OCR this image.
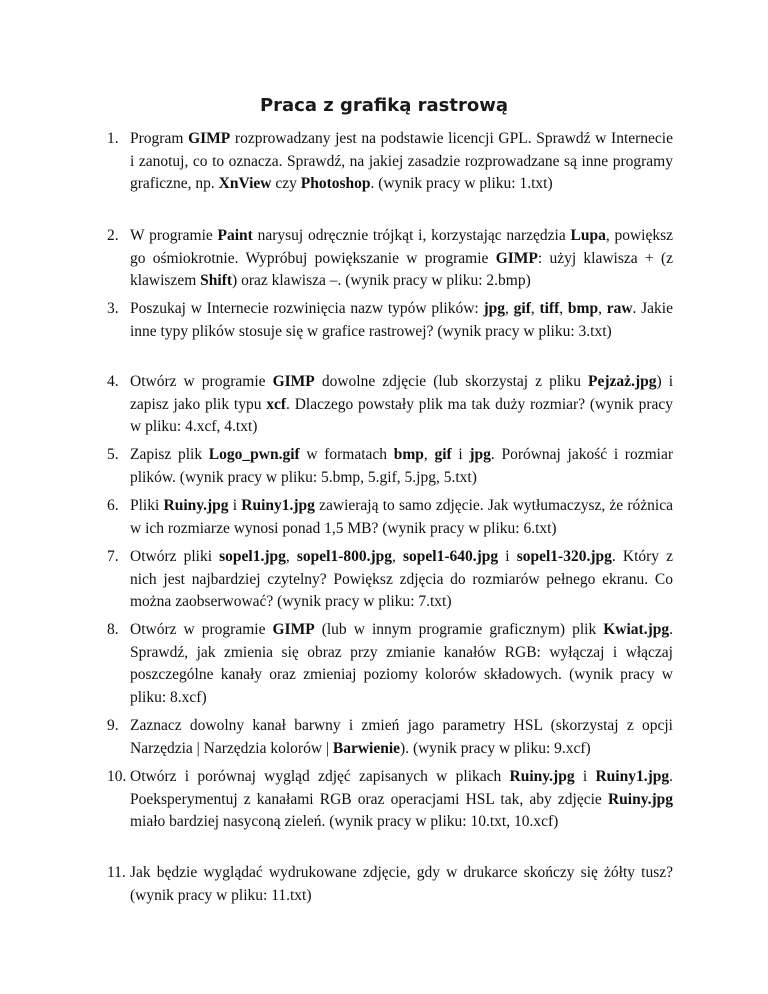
Praca z grafiką rastrową
1. Program GIMP rozprowadzany jest na podstawie licencji GPL. Sprawdź w Internecie i zanotuj, co to oznacza. Sprawdź, na jakiej zasadzie rozprowadzane są inne programy graficzne, np. XnView czy Photoshop. (wynik pracy w pliku: 1.txt)
2. W programie Paint narysuj odręcznie trójkąt i, korzystając narzędzia Lupa, powiększ go ośmiokrotnie. Wypróbuj powiększanie w programie GIMP: użyj klawisza + (z klawiszem Shift) oraz klawisza –. (wynik pracy w pliku: 2.bmp)
3. Poszukaj w Internecie rozwinięcia nazw typów plików: jpg, gif, tiff, bmp, raw. Jakie inne typy plików stosuje się w grafice rastrowej? (wynik pracy w pliku: 3.txt)
4. Otwórz w programie GIMP dowolne zdjęcie (lub skorzystaj z pliku Pejzaż.jpg) i zapisz jako plik typu xcf. Dlaczego powstały plik ma tak duży rozmiar? (wynik pracy w pliku: 4.xcf, 4.txt)
5. Zapisz plik Logo_pwn.gif w formatach bmp, gif i jpg. Porównaj jakość i rozmiar plików. (wynik pracy w pliku: 5.bmp, 5.gif, 5.jpg, 5.txt)
6. Pliki Ruiny.jpg i Ruiny1.jpg zawierają to samo zdjęcie. Jak wytłumaczysz, że różnica w ich rozmiarze wynosi ponad 1,5 MB? (wynik pracy w pliku: 6.txt)
7. Otwórz pliki sopel1.jpg, sopel1-800.jpg, sopel1-640.jpg i sopel1-320.jpg. Który z nich jest najbardziej czytelny? Powiększ zdjęcia do rozmiarów pełnego ekranu. Co można zaobserwować? (wynik pracy w pliku: 7.txt)
8. Otwórz w programie GIMP (lub w innym programie graficznym) plik Kwiat.jpg. Sprawdź, jak zmienia się obraz przy zmianie kanałów RGB: wyłączaj i włączaj poszczególne kanały oraz zmieniaj poziomy kolorów składowych. (wynik pracy w pliku: 8.xcf)
9. Zaznacz dowolny kanał barwny i zmień jago parametry HSL (skorzystaj z opcji Narzędzia | Narzędzia kolorów | Barwienie). (wynik pracy w pliku: 9.xcf)
10. Otwórz i porównaj wygląd zdjęć zapisanych w plikach Ruiny.jpg i Ruiny1.jpg. Poeksperymentuj z kanałami RGB oraz operacjami HSL tak, aby zdjęcie Ruiny.jpg miało bardziej nasyconą zieleń. (wynik pracy w pliku: 10.txt, 10.xcf)
11. Jak będzie wyglądać wydrukowane zdjęcie, gdy w drukarce skończy się żółty tusz? (wynik pracy w pliku: 11.txt)
